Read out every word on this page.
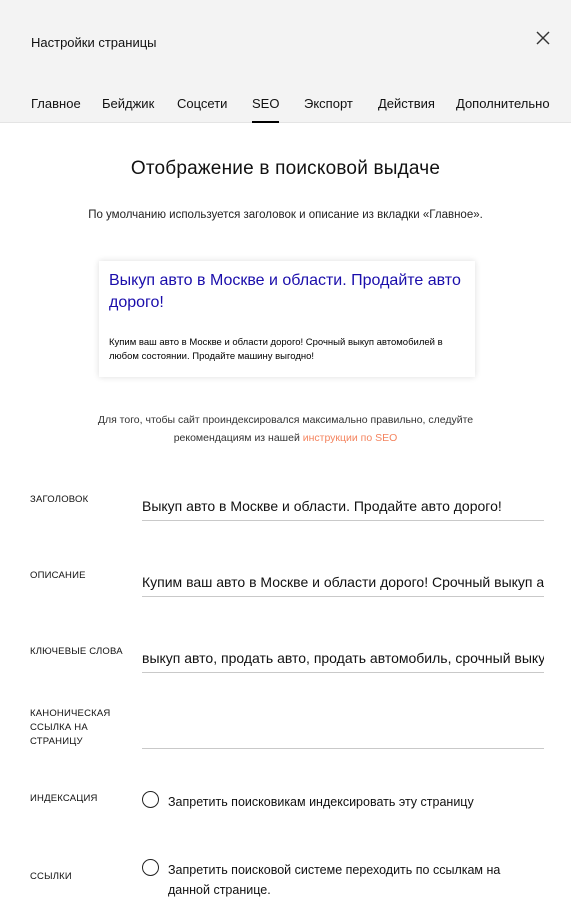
Настройки страницы
Главное Бейджик Соцсети SEO Экспорт Действия Дополнительно
Отображение в поисковой выдаче
По умолчанию используется заголовок и описание из вкладки «Главное».
Выкуп авто в Москве и области. Продайте авто дорого!
Купим ваш авто в Москве и области дорого! Срочный выкуп автомобилей в любом состоянии. Продайте машину выгодно!
Для того, чтобы сайт проиндексировался максимально правильно, следуйте рекомендациям из нашей инструкции по SEO
ЗАГОЛОВОК
Выкуп авто в Москве и области. Продайте авто дорого!
ОПИСАНИЕ
Купим ваш авто в Москве и области дорого! Срочный выкуп автомобилей в любом состоянии. Продайте машину выгодно!
КЛЮЧЕВЫЕ СЛОВА
выкуп авто, продать авто, продать автомобиль, срочный выкуп авто
КАНОНИЧЕСКАЯ ССЫЛКА НА СТРАНИЦУ
ИНДЕКСАЦИЯ	Запретить поисковикам индексировать эту страницу
ССЫЛКИ	Запретить поисковой системе переходить по ссылкам на данной странице.
